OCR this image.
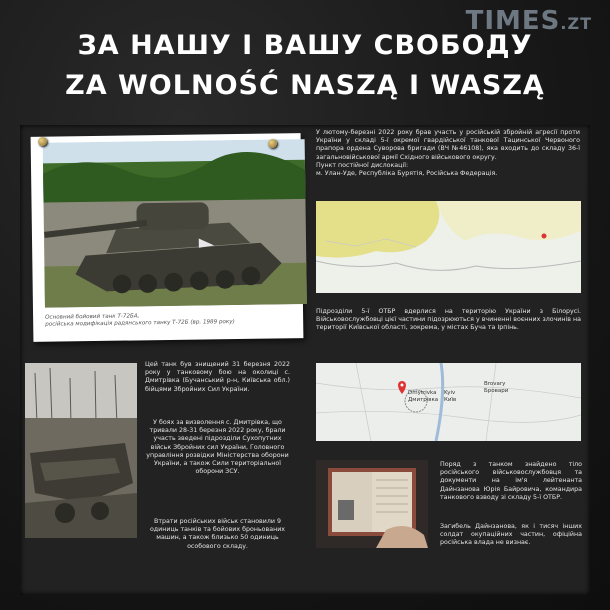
TIMES.ZT
ЗА НАШУ І ВАШУ СВОБОДУ
ZA WOLNOŚĆ NASZĄ I WASZĄ
Основний бойовий танк Т-72БА,
російська модифікація радянського танку Т-72Б (вр. 1989 року)
У лютому-березні 2022 року брав участь у російській збройній агресії проти України у складі 5-ї окремої гвардійської танкової Тацинської Червоного прапора ордена Суворова бригади (ВЧ №46108), яка входить до складу 36-ї загальновійськової армії Східного військового округу.
Пункт постійної дислокації:
м. Улан-Уде, Республіка Бурятія, Російська Федерація.
Підрозділи 5-ї ОТБР вдерлися на територію України з Білорусі. Військовослужбовці цієї частини підозрюються у вчиненні воєнних злочинів на території Київської області, зокрема, у містах Буча та Ірпінь.
Цей танк був знищений 31 березня 2022 року у танковому бою на околиці с. Дмитрівка (Бучанський р-н, Київська обл.) бійцями Збройних Сил України.
У боях за визволення с. Дмитрівка, що тривали 28-31 березня 2022 року, брали участь зведені підрозділи Сухопутних військ Збройних сил України, Головного управління розвідки Міністерства оборони України, а також Сили територіальної оборони ЗСУ.
Втрати російських військ становили 9 одиниць танків та бойових броньованих машин, а також близько 50 одиниць особового складу.
Dmytrivka
Дмитрівка
Kyiv
Київ
Brovary
Бровари
Поряд з танком знайдено тіло російського військовослужбовця та документи на ім'я лейтенанта Дайнзанова Юрія Байровича, командира танкового взводу зі складу 5-ї ОТБР.
Загибель Дайнзанова, як і тисяч інших солдат окупаційних частин, офіційна російська влада не визнає.
